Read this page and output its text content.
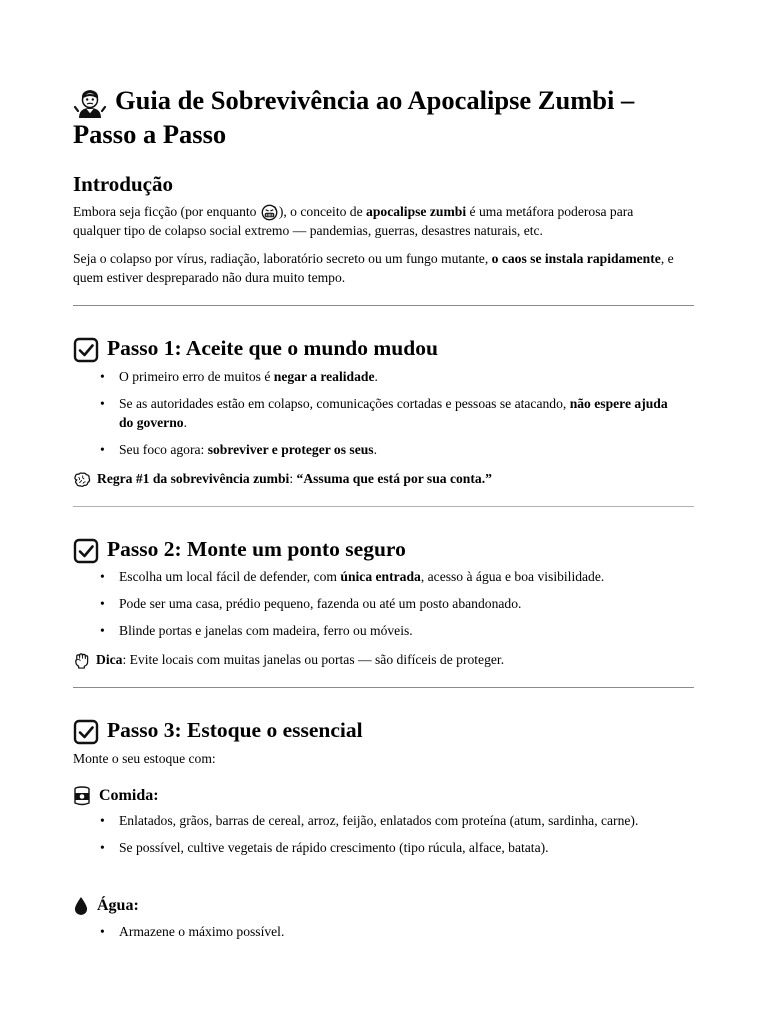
Guia de Sobrevivência ao Apocalipse Zumbi – Passo a Passo
Introdução

Embora seja ficção (por enquanto
), o conceito de apocalipse zumbi é uma metáfora poderosa para qualquer tipo de colapso social extremo — pandemias, guerras, desastres naturais, etc.

Seja o colapso por vírus, radiação, laboratório secreto ou um fungo mutante, o caos se instala rapidamente, e quem estiver despreparado não dura muito tempo.

Passo 1: Aceite que o mundo mudou
• O primeiro erro de muitos é negar a realidade.
• Se as autoridades estão em colapso, comunicações cortadas e pessoas se atacando, não espere ajuda do governo.
• Seu foco agora: sobreviver e proteger os seus.

Regra #1 da sobrevivência zumbi: “Assuma que está por sua conta.”

Passo 2: Monte um ponto seguro
• Escolha um local fácil de defender, com única entrada, acesso à água e boa visibilidade.
• Pode ser uma casa, prédio pequeno, fazenda ou até um posto abandonado.
• Blinde portas e janelas com madeira, ferro ou móveis.

Dica: Evite locais com muitas janelas ou portas — são difíceis de proteger.

Passo 3: Estoque o essencial

Monte o seu estoque com:

Comida:
• Enlatados, grãos, barras de cereal, arroz, feijão, enlatados com proteína (atum, sardinha, carne).
• Se possível, cultive vegetais de rápido crescimento (tipo rúcula, alface, batata).
Água:
• Armazene o máximo possível.
